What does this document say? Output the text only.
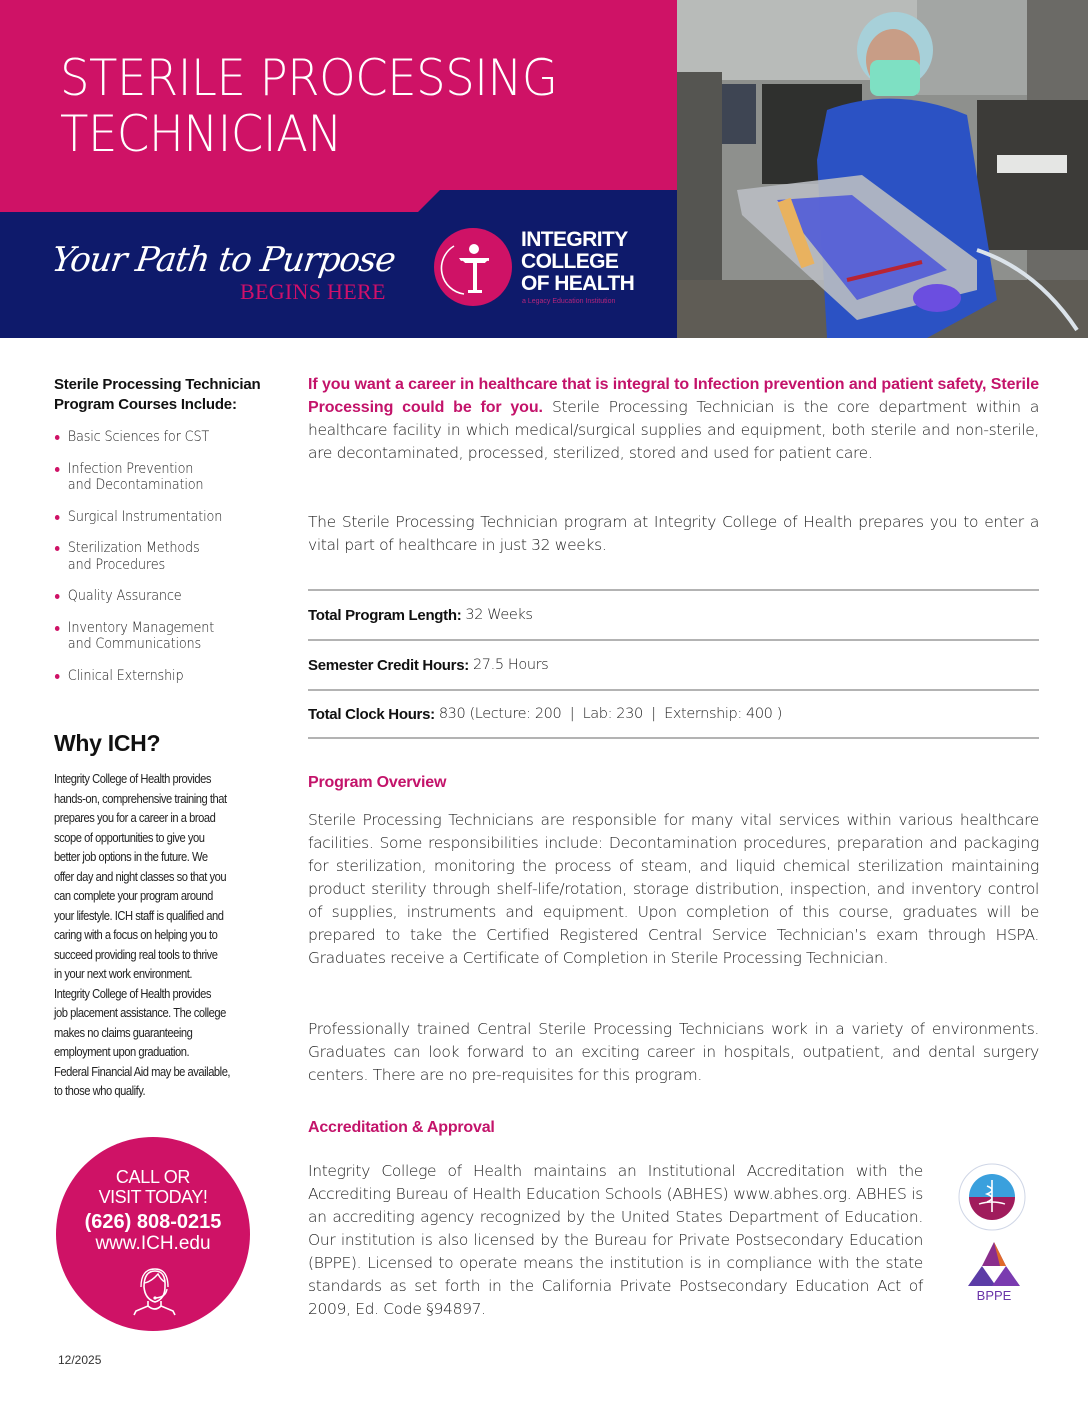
STERILE PROCESSING
TECHNICIAN
Your Path to Purpose
BEGINS HERE
INTEGRITY
COLLEGE
OF HEALTH
a Legacy Education Institution
Sterile Processing Technician
Program Courses Include:
Basic Sciences for CST
Infection Prevention
and Decontamination
Surgical Instrumentation
Sterilization Methods
and Procedures
Quality Assurance
Inventory Management
and Communications
Clinical Externship
Why ICH?
Integrity College of Health provides
hands-on, comprehensive training that
prepares you for a career in a broad
scope of opportunities to give you
better job options in the future. We
offer day and night classes so that you
can complete your program around
your lifestyle. ICH staff is qualified and
caring with a focus on helping you to
succeed providing real tools to thrive
in your next work environment.
Integrity College of Health provides
job placement assistance. The college
makes no claims guaranteeing
employment upon graduation.
Federal Financial Aid may be available,
to those who qualify.
CALL OR
VISIT TODAY!
(626) 808-0215
www.ICH.edu
12/2025

If you want a career in healthcare that is integral to Infection prevention and patient safety, Sterile Processing could be for you. Sterile Processing Technician is the core department within a healthcare facility in which medical/surgical supplies and equipment, both sterile and non-sterile, are decontaminated, processed, sterilized, stored and used for patient care.

The Sterile Processing Technician program at Integrity College of Health prepares you to enter a vital part of healthcare in just 32 weeks.

Total Program Length: 32 Weeks
Semester Credit Hours: 27.5 Hours
Total Clock Hours: 830 (Lecture: 200  |  Lab: 230  |  Externship: 400 )
Program Overview

Sterile Processing Technicians are responsible for many vital services within various healthcare facilities. Some responsibilities include: Decontamination procedures, preparation and packaging for sterilization, monitoring the process of steam, and liquid chemical sterilization maintaining product sterility through shelf-life/rotation, storage distribution, inspection, and inventory control of supplies, instruments and equipment. Upon completion of this course, graduates will be prepared to take the Certified Registered Central Service Technician’s exam through HSPA. Graduates receive a Certificate of Completion in Sterile Processing Technician.

Professionally trained Central Sterile Processing Technicians work in a variety of environments. Graduates can look forward to an exciting career in hospitals, outpatient, and dental surgery centers. There are no pre-requisites for this program.

Accreditation & Approval

Integrity College of Health maintains an Institutional Accreditation with the Accrediting Bureau of Health Education Schools (ABHES) www.abhes.org. ABHES is an accrediting agency recognized by the United States Department of Education. Our institution is also licensed by the Bureau for Private Postsecondary Education (BPPE). Licensed to operate means the institution is in compliance with the state standards as set forth in the California Private Postsecondary Education Act of 2009, Ed. Code §94897.

BPPE
